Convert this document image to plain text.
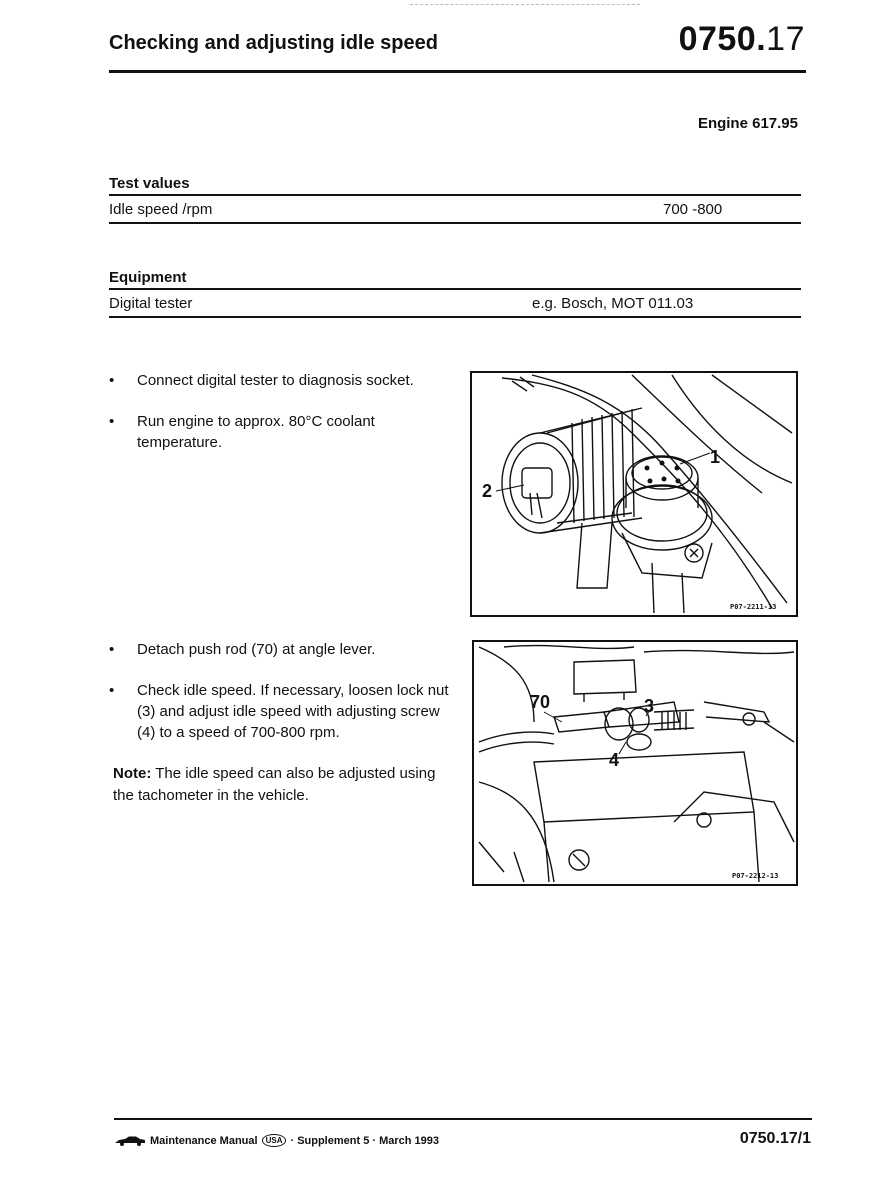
Checking and adjusting idle speed	0750.17
Engine 617.95
Test values
Idle speed /rpm	700 -800
Equipment
Digital tester	e.g. Bosch, MOT 011.03
• Connect digital tester to diagnosis socket.
• Run engine to approx. 80°C coolant temperature.
• Detach push rod (70) at angle lever.
• Check idle speed. If necessary, loosen lock nut (3) and adjust idle speed with adjusting screw (4) to a speed of 700-800 rpm.
Note: The idle speed can also be adjusted using the tachometer in the vehicle.
1
2
P07-2211-13
70	3
4
P07-2212-13
Maintenance Manual	USA · Supplement 5 · March 1993	0750.17/1
